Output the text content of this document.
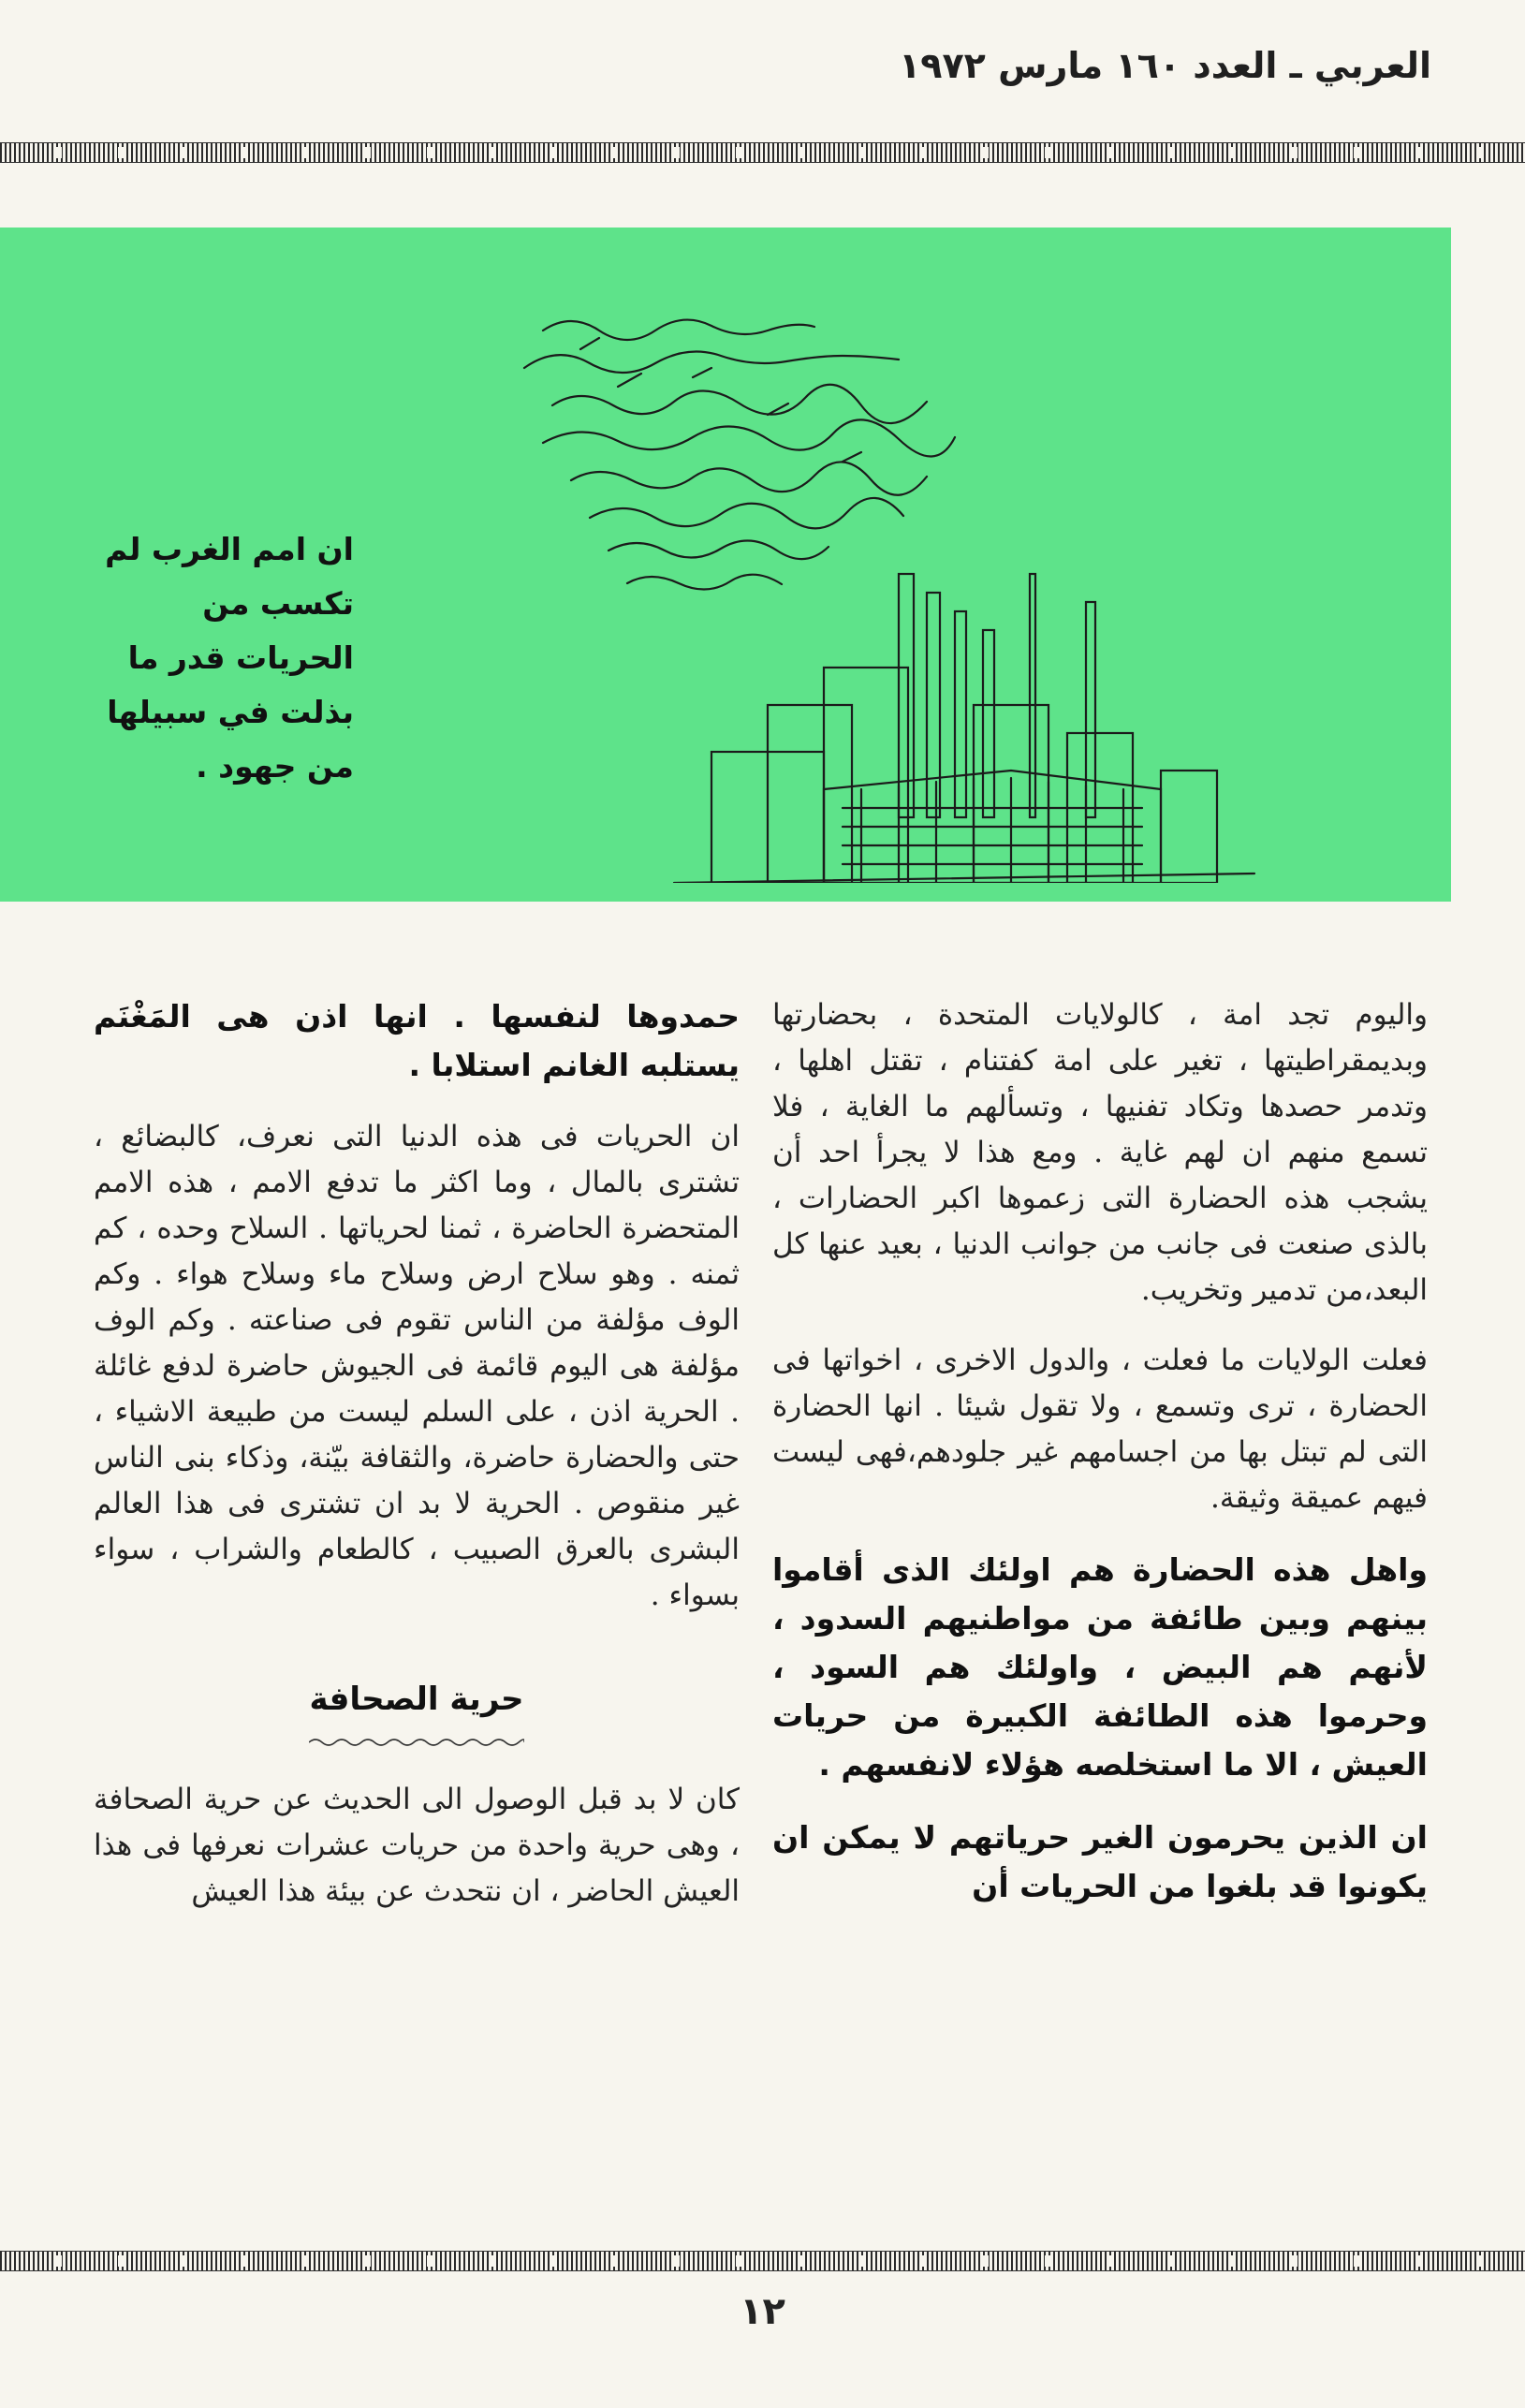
العربي ـ العدد ١٦٠ مارس ١٩٧٢
ان امم الغرب لم تكسب من الحريات قدر ما بذلت في سبيلها من جهود .

واليوم تجد امة ، كالولايات المتحدة ، بحضارتها وبديمقراطيتها ، تغير على امة كفتنام ، تقتل اهلها ، وتدمر حصدها وتكاد تفنيها ، وتسألهم ما الغاية ، فلا تسمع منهم ان لهم غاية . ومع هذا لا يجرأ احد أن يشجب هذه الحضارة التى زعموها اكبر الحضارات ، بالذى صنعت فى جانب من جوانب الدنيا ، بعيد عنها كل البعد،من تدمير وتخريب.

فعلت الولايات ما فعلت ، والدول الاخرى ، اخواتها فى الحضارة ، ترى وتسمع ، ولا تقول شيئا . انها الحضارة التى لم تبتل بها من اجسامهم غير جلودهم،فهى ليست فيهم عميقة وثيقة.

واهل هذه الحضارة هم اولئك الذى أقاموا بينهم وبين طائفة من مواطنيهم السدود ، لأنهم هم البيض ، واولئك هم السود ، وحرموا هذه الطائفة الكبيرة من حريات العيش ، الا ما استخلصه هؤلاء لانفسهم .

ان الذين يحرمون الغير حرياتهم لا يمكن ان يكونوا قد بلغوا من الحريات أن

حمدوها لنفسها . انها اذن هى المَغْنَم يستلبه الغانم استلابا .

ان الحريات فى هذه الدنيا التى نعرف، كالبضائع ، تشترى بالمال ، وما اكثر ما تدفع الامم ، هذه الامم المتحضرة الحاضرة ، ثمنا لحرياتها . السلاح وحده ، كم ثمنه . وهو سلاح ارض وسلاح ماء وسلاح هواء . وكم الوف مؤلفة من الناس تقوم فى صناعته . وكم الوف مؤلفة هى اليوم قائمة فى الجيوش حاضرة لدفع غائلة . الحرية اذن ، على السلم ليست من طبيعة الاشياء ، حتى والحضارة حاضرة، والثقافة بيّنة، وذكاء بنى الناس غير منقوص . الحرية لا بد ان تشترى فى هذا العالم البشرى بالعرق الصبيب ، كالطعام والشراب ، سواء بسواء .

حرية الصحافة

كان لا بد قبل الوصول الى الحديث عن حرية الصحافة ، وهى حرية واحدة من حريات عشرات نعرفها فى هذا العيش الحاضر ، ان نتحدث عن بيئة هذا العيش

١٢
